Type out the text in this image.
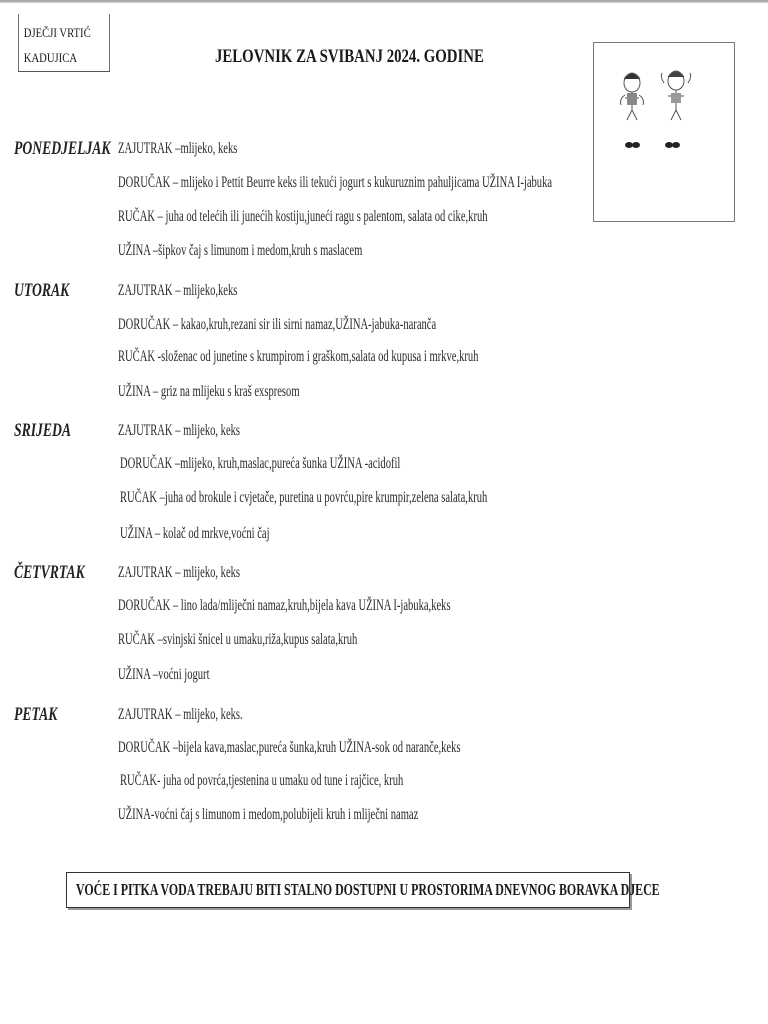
DJEČJI VRTIĆ
KADUJICA	JELOVNIK ZA SVIBANJ 2024. GODINE
PONEDJELJAK ZAJUTRAK –mlijeko, keks
DORUČAK – mlijeko i Pettit Beurre keks ili tekući jogurt s kukuruznim pahuljicama UŽINA I-jabuka
RUČAK – juha od telećih ili junećih kostiju,juneći ragu s palentom, salata od cike,kruh
UŽINA –šipkov čaj s limunom i medom,kruh s maslacem
UTORAK	ZAJUTRAK – mlijeko,keks
DORUČAK – kakao,kruh,rezani sir ili sirni namaz,UŽINA-jabuka-naranča
RUČAK -složenac od junetine s krumpirom i graškom,salata od kupusa i mrkve,kruh
UŽINA – griz na mlijeku s kraš exspresom
SRIJEDA	ZAJUTRAK – mlijeko, keks
DORUČAK –mlijeko, kruh,maslac,pureća šunka UŽINA -acidofil
RUČAK –juha od brokule i cvjetače, puretina u povrću,pire krumpir,zelena salata,kruh
UŽINA – kolač od mrkve,voćni čaj
ČETVRTAK ZAJUTRAK – mlijeko, keks
DORUČAK – lino lada/mliječni namaz,kruh,bijela kava UŽINA I-jabuka,keks
RUČAK –svinjski šnicel u umaku,riža,kupus salata,kruh
UŽINA –voćni jogurt
PETAK	ZAJUTRAK – mlijeko, keks.
DORUČAK –bijela kava,maslac,pureća šunka,kruh UŽINA-sok od naranče,keks
RUČAK- juha od povrća,tjestenina u umaku od tune i rajčice, kruh
UŽINA-voćni čaj s limunom i medom,polubijeli kruh i mliječni namaz
VOĆE I PITKA VODA TREBAJU BITI STALNO DOSTUPNI U PROSTORIMA DNEVNOG BORAVKA DJECE
